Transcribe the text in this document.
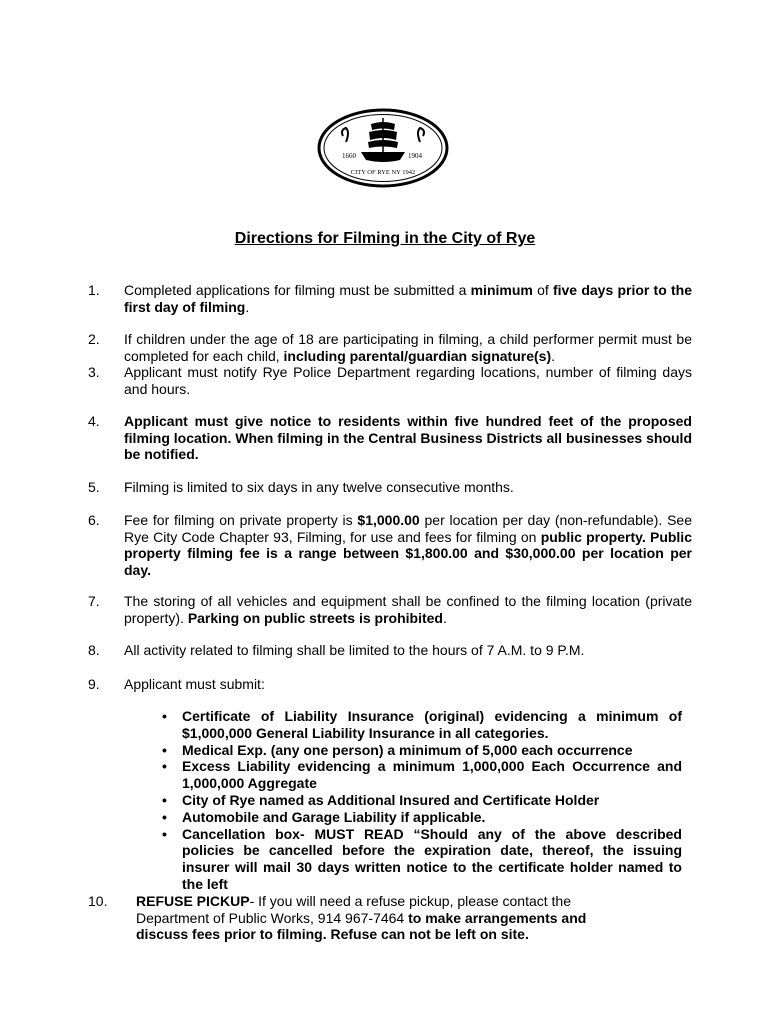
1660	1904
CITY OF RYE NY 1942
Directions for Filming in the City of Rye
1. Completed applications for filming must be submitted a minimum of five days prior to the first day of filming.
2. If children under the age of 18 are participating in filming, a child performer permit must be completed for each child, including parental/guardian signature(s).
3. Applicant must notify Rye Police Department regarding locations, number of filming days and hours.
4. Applicant must give notice to residents within five hundred feet of the proposed filming location. When filming in the Central Business Districts all businesses should be notified.
5. Filming is limited to six days in any twelve consecutive months.
6. Fee for filming on private property is $1,000.00 per location per day (non-refundable). See Rye City Code Chapter 93, Filming, for use and fees for filming on public property. Public property filming fee is a range between $1,800.00 and $30,000.00 per location per day.
7. The storing of all vehicles and equipment shall be confined to the filming location (private property). Parking on public streets is prohibited.
8. All activity related to filming shall be limited to the hours of 7 A.M. to 9 P.M.
9. Applicant must submit:
• Certificate of Liability Insurance (original) evidencing a minimum of $1,000,000 General Liability Insurance in all categories.
• Medical Exp. (any one person) a minimum of 5,000 each occurrence
• Excess Liability evidencing a minimum 1,000,000 Each Occurrence and 1,000,000 Aggregate
• City of Rye named as Additional Insured and Certificate Holder
• Automobile and Garage Liability if applicable.
• Cancellation box- MUST READ “Should any of the above described policies be cancelled before the expiration date, thereof, the issuing insurer will mail 30 days written notice to the certificate holder named to the left
10. REFUSE PICKUP- If you will need a refuse pickup, please contact the Department of Public Works, 914 967-7464 to make arrangements and discuss fees prior to filming. Refuse can not be left on site.
